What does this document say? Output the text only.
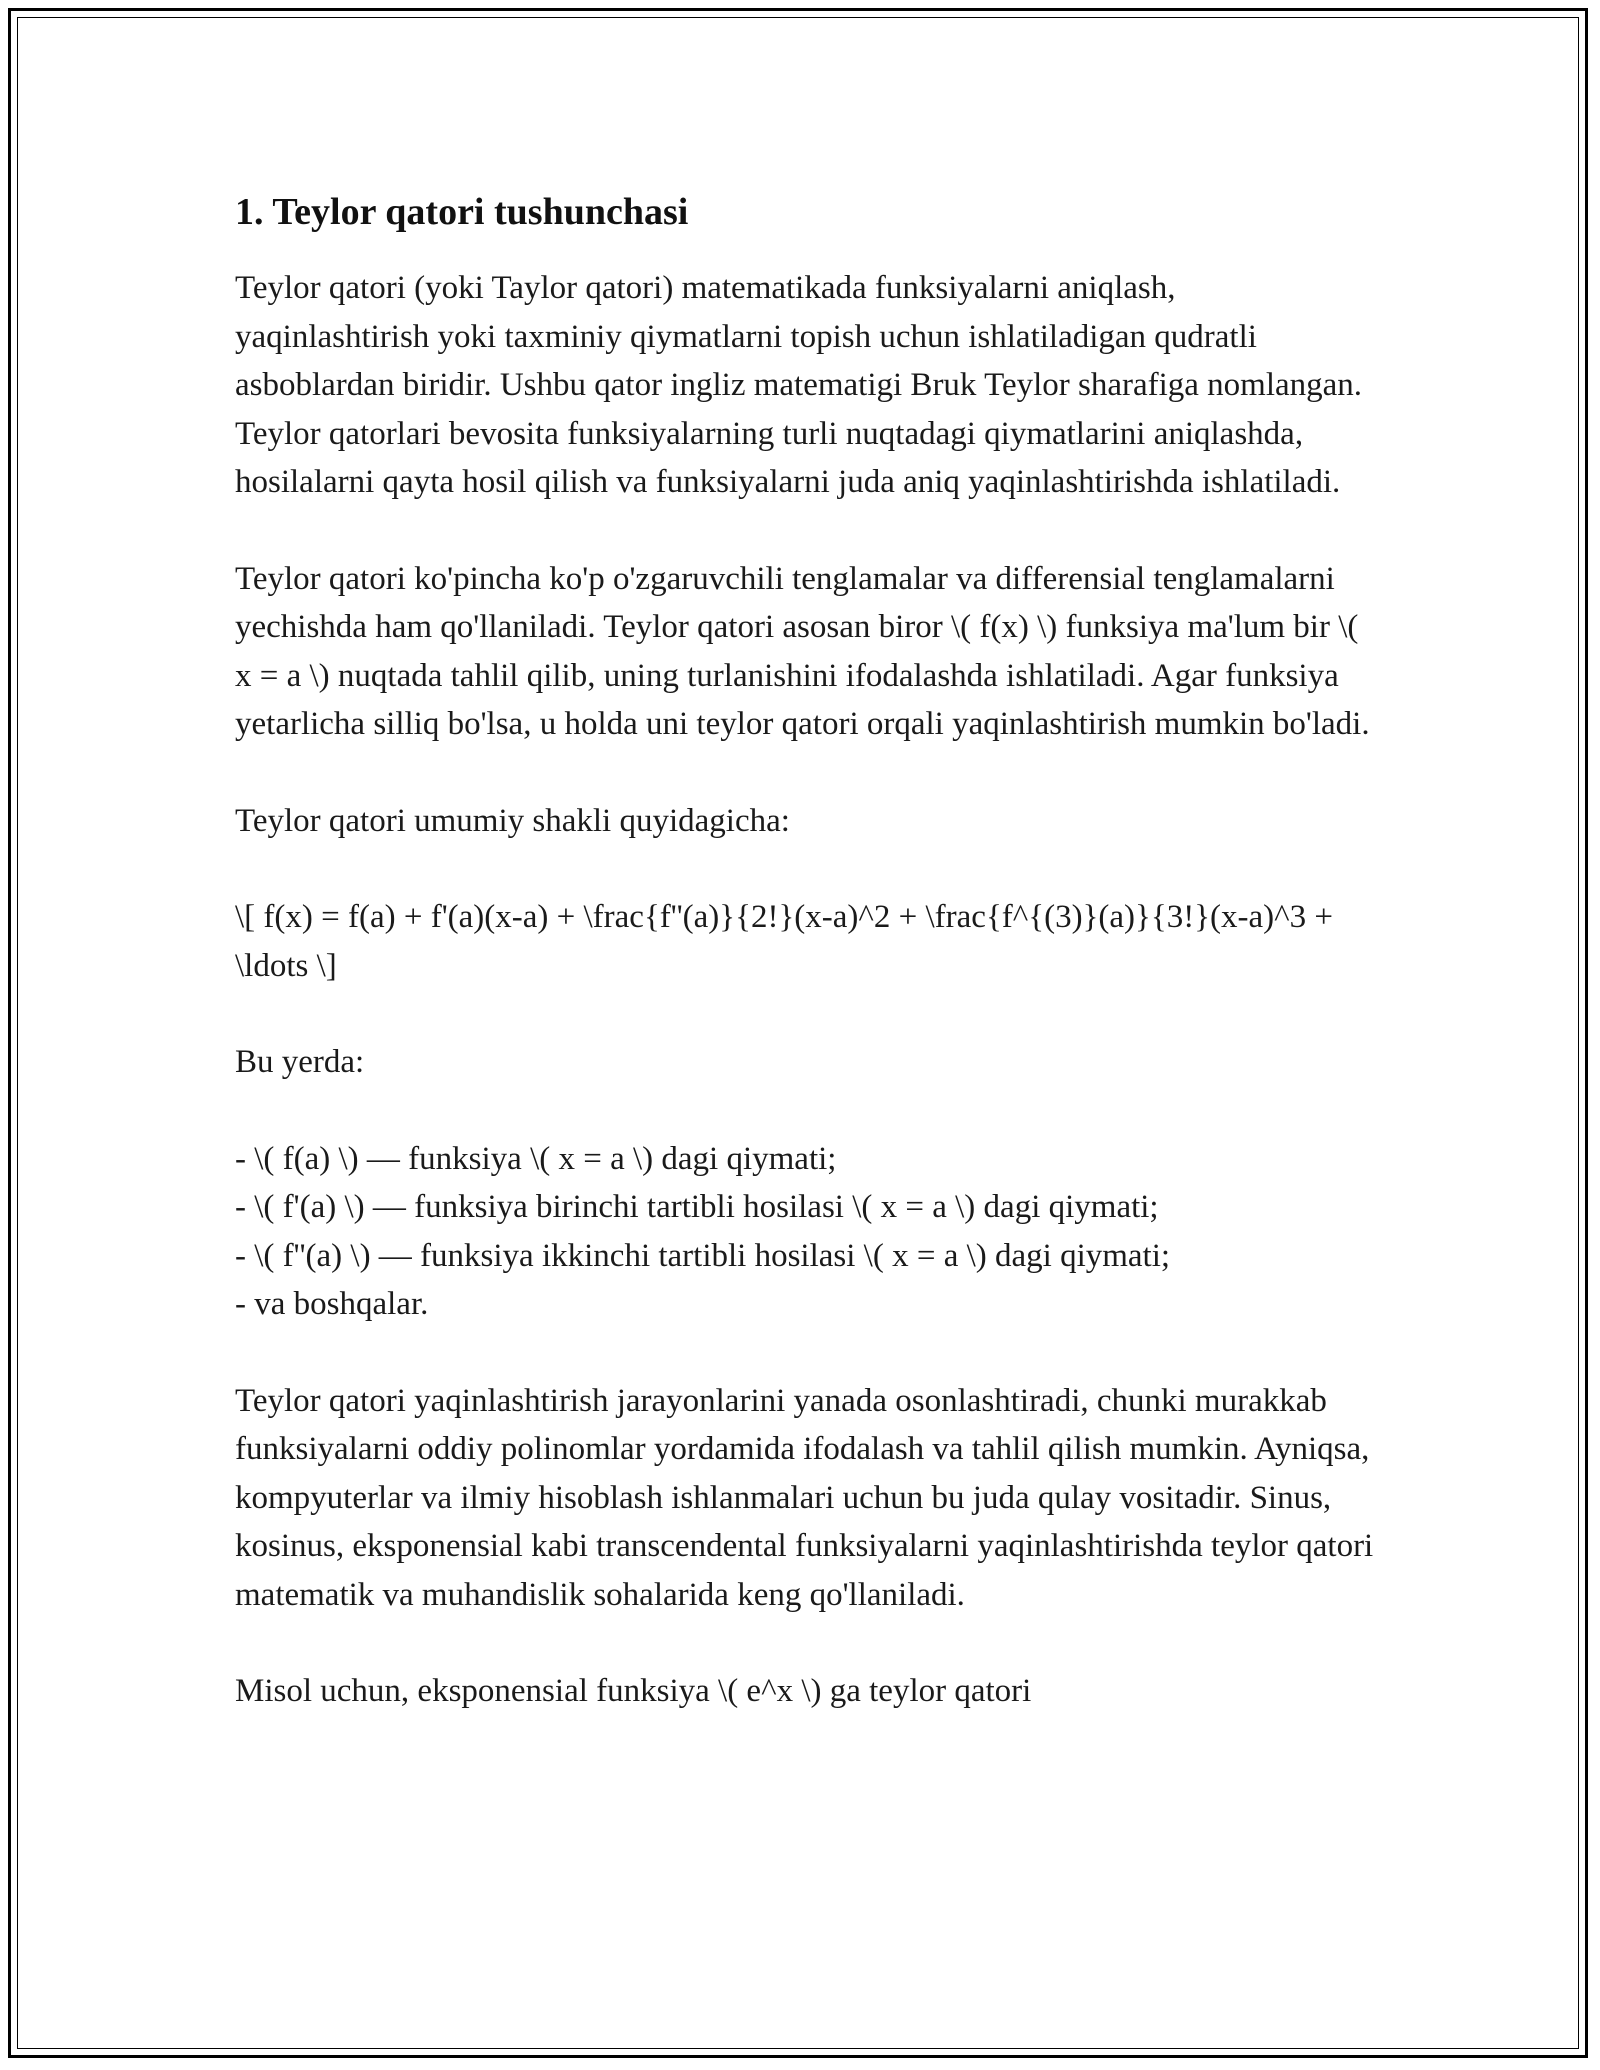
1. Teylor qatori tushunchasi

Teylor qatori (yoki Taylor qatori) matematikada funksiyalarni aniqlash, yaqinlashtirish yoki taxminiy qiymatlarni topish uchun ishlatiladigan qudratli asboblardan biridir. Ushbu qator ingliz matematigi Bruk Teylor sharafiga nomlangan. Teylor qatorlari bevosita funksiyalarning turli nuqtadagi qiymatlarini aniqlashda, hosilalarni qayta hosil qilish va funksiyalarni juda aniq yaqinlashtirishda ishlatiladi.

Teylor qatori ko'pincha ko'p o'zgaruvchili tenglamalar va differensial tenglamalarni yechishda ham qo'llaniladi. Teylor qatori asosan biror \( f(x) \) funksiya ma'lum bir \( x = a \) nuqtada tahlil qilib, uning turlanishini ifodalashda ishlatiladi. Agar funksiya yetarlicha silliq bo'lsa, u holda uni teylor qatori orqali yaqinlashtirish mumkin bo'ladi.

Teylor qatori umumiy shakli quyidagicha:

\[ f(x) = f(a) + f'(a)(x-a) + \frac{f''(a)}{2!}(x-a)^2 + \frac{f^{(3)}(a)}{3!}(x-a)^3 + \ldots \]

Bu yerda:

- \( f(a) \) — funksiya \( x = a \) dagi qiymati;
- \( f'(a) \) — funksiya birinchi tartibli hosilasi \( x = a \) dagi qiymati;
- \( f''(a) \) — funksiya ikkinchi tartibli hosilasi \( x = a \) dagi qiymati;
- va boshqalar.

Teylor qatori yaqinlashtirish jarayonlarini yanada osonlashtiradi, chunki murakkab funksiyalarni oddiy polinomlar yordamida ifodalash va tahlil qilish mumkin. Ayniqsa, kompyuterlar va ilmiy hisoblash ishlanmalari uchun bu juda qulay vositadir. Sinus, kosinus, eksponensial kabi transcendental funksiyalarni yaqinlashtirishda teylor qatori matematik va muhandislik sohalarida keng qo'llaniladi.

Misol uchun, eksponensial funksiya \( e^x \) ga teylor qatori
